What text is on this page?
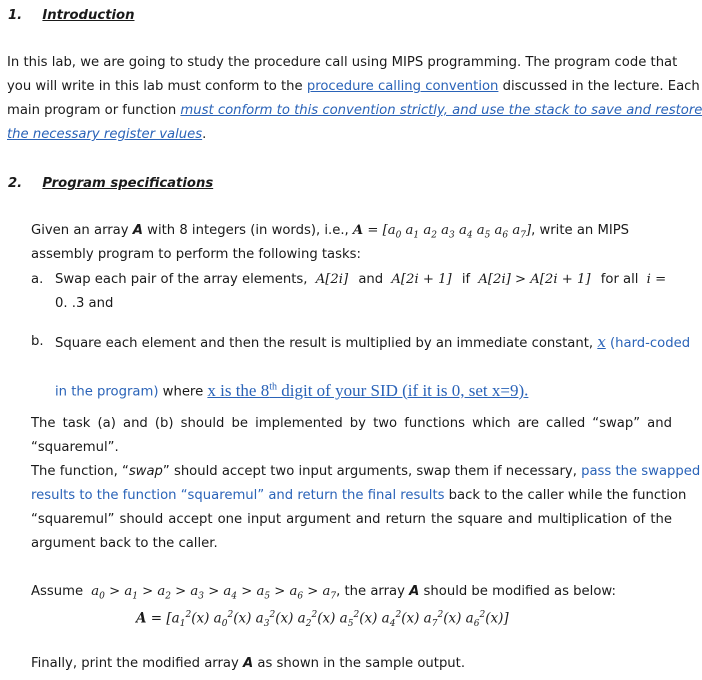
1. Introduction
In this lab, we are going to study the procedure call using MIPS programming. The program code that
you will write in this lab must conform to the procedure calling convention discussed in the lecture. Each
main program or function must conform to this convention strictly, and use the stack to save and restore
the necessary register values.
2. Program specifications
Given an array A with 8 integers (in words), i.e., $A = [a_0$ $a_1$ $a_2$ $a_3$ $a_4$ $a_5$ $a_6$ $a_7$], write an MIPS
assembly program to perform the following tasks:
a. Swap each pair of the array elements, A[2i] and A[2i + 1] if A[2i] > A[2i + 1] for all i =
0. .3 and
b. Square each element and then the result is multiplied by an immediate constant, x (hard-coded
in the program) where x is the 8th digit of your SID (if it is 0, set x=9).
The task (a) and (b) should be implemented by two functions which are called “swap” and
“squaremul”.
The function, “swap” should accept two input arguments, swap them if necessary, pass the swapped
results to the function “squaremul” and return the final results back to the caller while the function
“squaremul” should accept one input argument and return the square and multiplication of the
argument back to the caller.
Assume $a_0 > a_1 > a_2 > a_3 > a_4 > a_5 > a_6 > a_7$, the array A should be modified as below:
$A = [a_1^2(x)$ $a_0^2(x)$ $a_3^2(x)$ $a_2^2(x)$ $a_5^2(x)$ $a_4^2(x)$ $a_7^2(x)$ $a_6^2(x)$]
Finally, print the modified array A as shown in the sample output.
